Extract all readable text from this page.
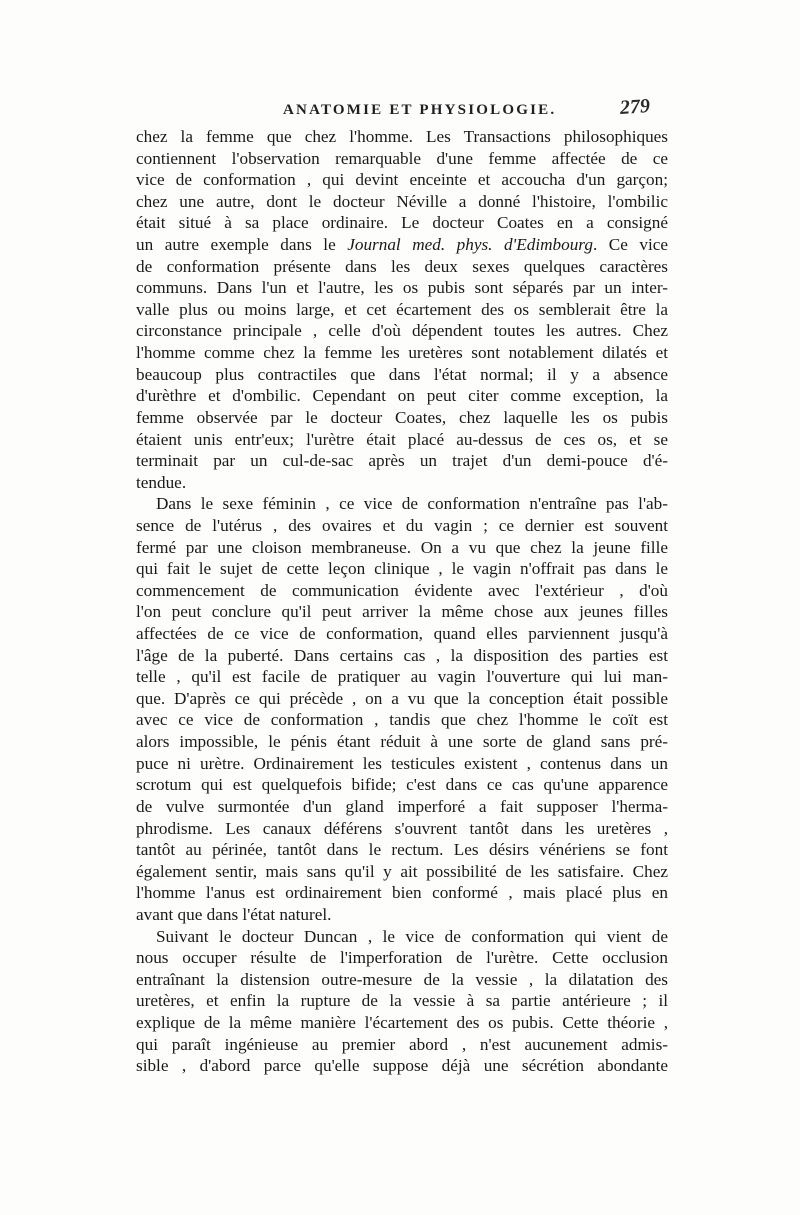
ANATOMIE ET PHYSIOLOGIE.	279
chez la femme que chez l'homme. Les Transactions philosophiques
contiennent l'observation remarquable d'une femme affectée de ce
vice de conformation , qui devint enceinte et accoucha d'un garçon;
chez une autre, dont le docteur Néville a donné l'histoire, l'ombilic
était situé à sa place ordinaire. Le docteur Coates en a consigné
un autre exemple dans le Journal med. phys. d'Edimbourg. Ce vice
de conformation présente dans les deux sexes quelques caractères
communs. Dans l'un et l'autre, les os pubis sont séparés par un inter-
valle plus ou moins large, et cet écartement des os semblerait être la
circonstance principale , celle d'où dépendent toutes les autres. Chez
l'homme comme chez la femme les uretères sont notablement dilatés et
beaucoup plus contractiles que dans l'état normal; il y a absence
d'urèthre et d'ombilic. Cependant on peut citer comme exception, la
femme observée par le docteur Coates, chez laquelle les os pubis
étaient unis entr'eux; l'urètre était placé au-dessus de ces os, et se
terminait par un cul-de-sac après un trajet d'un demi-pouce d'é-
tendue.
Dans le sexe féminin , ce vice de conformation n'entraîne pas l'ab-
sence de l'utérus , des ovaires et du vagin ; ce dernier est souvent
fermé par une cloison membraneuse. On a vu que chez la jeune fille
qui fait le sujet de cette leçon clinique , le vagin n'offrait pas dans le
commencement de communication évidente avec l'extérieur , d'où
l'on peut conclure qu'il peut arriver la même chose aux jeunes filles
affectées de ce vice de conformation, quand elles parviennent jusqu'à
l'âge de la puberté. Dans certains cas , la disposition des parties est
telle , qu'il est facile de pratiquer au vagin l'ouverture qui lui man-
que. D'après ce qui précède , on a vu que la conception était possible
avec ce vice de conformation , tandis que chez l'homme le coït est
alors impossible, le pénis étant réduit à une sorte de gland sans pré-
puce ni urètre. Ordinairement les testicules existent , contenus dans un
scrotum qui est quelquefois bifide; c'est dans ce cas qu'une apparence
de vulve surmontée d'un gland imperforé a fait supposer l'herma-
phrodisme. Les canaux déférens s'ouvrent tantôt dans les uretères ,
tantôt au périnée, tantôt dans le rectum. Les désirs vénériens se font
également sentir, mais sans qu'il y ait possibilité de les satisfaire. Chez
l'homme l'anus est ordinairement bien conformé , mais placé plus en
avant que dans l'état naturel.
Suivant le docteur Duncan , le vice de conformation qui vient de
nous occuper résulte de l'imperforation de l'urètre. Cette occlusion
entraînant la distension outre-mesure de la vessie , la dilatation des
uretères, et enfin la rupture de la vessie à sa partie antérieure ; il
explique de la même manière l'écartement des os pubis. Cette théorie ,
qui paraît ingénieuse au premier abord , n'est aucunement admis-
sible , d'abord parce qu'elle suppose déjà une sécrétion abondante
